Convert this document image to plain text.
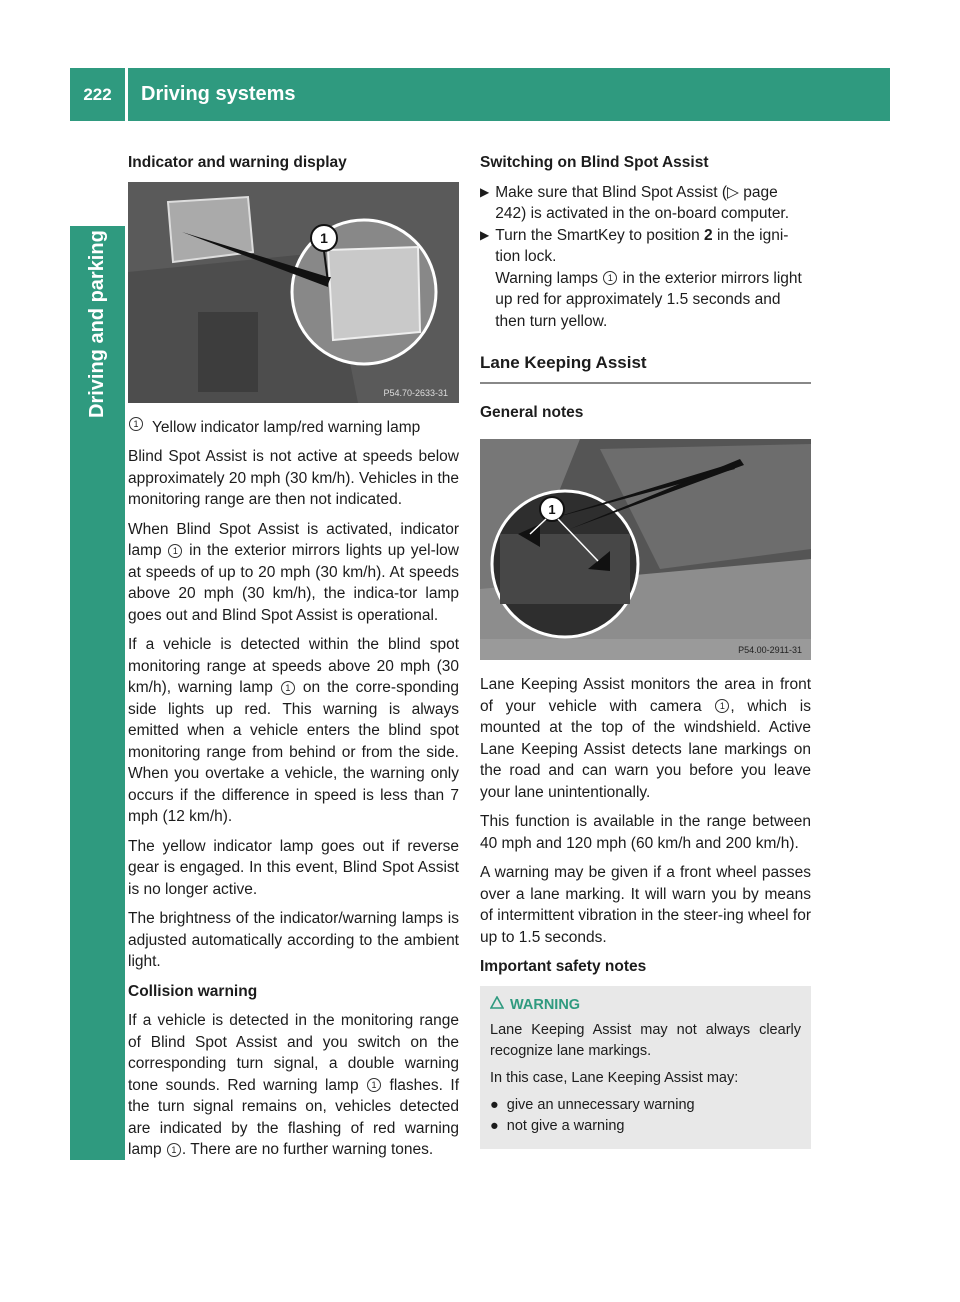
222	Driving systems
Driving and parking
Indicator and warning display
1
P54.70-2633-31
1 Yellow indicator lamp/red warning lamp

Blind Spot Assist is not active at speeds below approximately 20 mph (30 km/h). Vehicles in the monitoring range are then not indicated.

When Blind Spot Assist is activated, indicator lamp 1 in the exterior mirrors lights up yel-low at speeds of up to 20 mph (30 km/h). At speeds above 20 mph (30 km/h), the indica-tor lamp goes out and Blind Spot Assist is operational.

If a vehicle is detected within the blind spot monitoring range at speeds above 20 mph (30 km/h), warning lamp 1 on the corre-sponding side lights up red. This warning is always emitted when a vehicle enters the blind spot monitoring range from behind or from the side. When you overtake a vehicle, the warning only occurs if the difference in speed is less than 7 mph (12 km/h).

The yellow indicator lamp goes out if reverse gear is engaged. In this event, Blind Spot Assist is no longer active.

The brightness of the indicator/warning lamps is adjusted automatically according to the ambient light.

Collision warning

If a vehicle is detected in the monitoring range of Blind Spot Assist and you switch on the corresponding turn signal, a double warning tone sounds. Red warning lamp 1 flashes. If the turn signal remains on, vehicles detected are indicated by the flashing of red warning lamp 1 . There are no further warning tones.

Switching on Blind Spot Assist
▶ Make sure that Blind Spot Assist (▷ page 242) is activated in the on-board computer.
▶ Turn the SmartKey to position 2 in the igni-tion lock.
Warning lamps 1 in the exterior mirrors light up red for approximately 1.5 seconds and then turn yellow.
Lane Keeping Assist
General notes
1
P54.00-2911-31

Lane Keeping Assist monitors the area in front of your vehicle with camera 1 , which is mounted at the top of the windshield. Active Lane Keeping Assist detects lane markings on the road and can warn you before you leave your lane unintentionally.

This function is available in the range between 40 mph and 120 mph (60 km/h and 200 km/h).

A warning may be given if a front wheel passes over a lane marking. It will warn you by means of intermittent vibration in the steer-ing wheel for up to 1.5 seconds.

Important safety notes
WARNING

Lane Keeping Assist may not always clearly recognize lane markings.

In this case, Lane Keeping Assist may:

● give an unnecessary warning
● not give a warning
